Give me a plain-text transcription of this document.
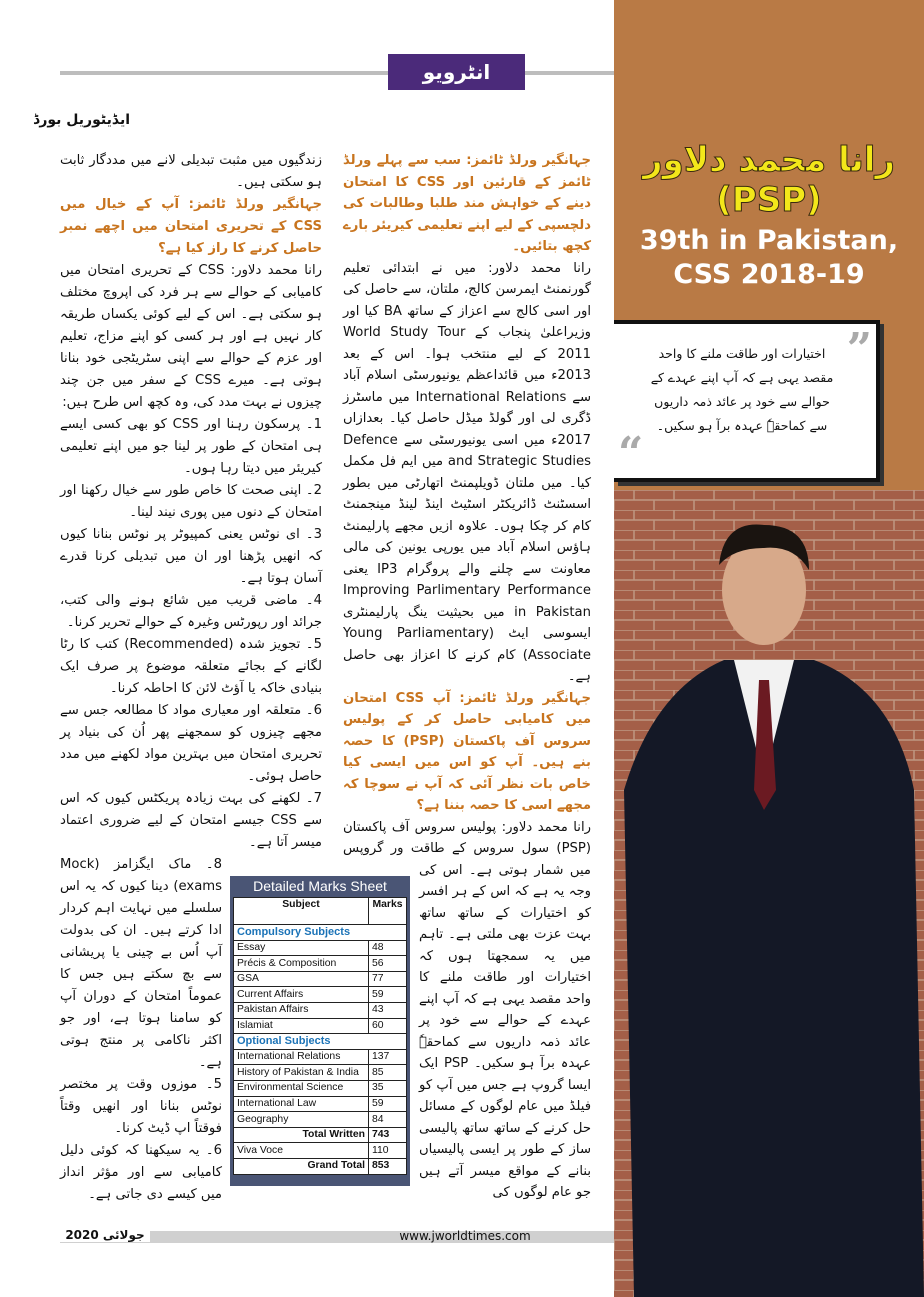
انٹرویو
ایڈیٹوریل بورڈ

جہانگیر ورلڈ ٹائمز: سب سے پہلے ورلڈ ٹائمز کے قارئین اور CSS کا امتحان دینے کے خواہش مند طلبا وطالبات کی دلچسپی کے لیے اپنے تعلیمی کیریئر بارے کچھ بتائیں۔

رانا محمد دلاور: میں نے ابتدائی تعلیم گورنمنٹ ایمرسن کالج، ملتان، سے حاصل کی اور اسی کالج سے اعزاز کے ساتھ BA کیا اور وزیراعلیٰ پنجاب کے World Study Tour 2011 کے لیے منتخب ہوا۔ اس کے بعد 2013ء میں قائداعظم یونیورسٹی اسلام آباد سے International Relations میں ماسٹرز ڈگری لی اور گولڈ میڈل حاصل کیا۔ بعدازاں 2017ء میں اسی یونیورسٹی سے Defence and Strategic Studies میں ایم فل مکمل کیا۔ میں ملتان ڈویلپمنٹ اتھارٹی میں بطور اسسٹنٹ ڈائریکٹر اسٹیٹ اینڈ لینڈ مینجمنٹ کام کر چکا ہوں۔ علاوہ ازیں مجھے پارلیمنٹ ہاؤس اسلام آباد میں یورپی یونین کی مالی معاونت سے چلنے والے پروگرام IP3 یعنی Improving Parlimentary Performance in Pakistan میں بحیثیت ینگ پارلیمنٹری ایسوسی ایٹ (Young Parliamentary Associate) کام کرنے کا اعزاز بھی حاصل ہے۔

جہانگیر ورلڈ ٹائمز: آپ CSS امتحان میں کامیابی حاصل کر کے پولیس سروس آف پاکستان (PSP) کا حصہ بنے ہیں۔ آپ کو اس میں ایسی کیا خاص بات نظر آئی کہ آپ نے سوچا کہ مجھے اسی کا حصہ بننا ہے؟

رانا محمد دلاور: پولیس سروس آف پاکستان (PSP) سول سروس کے طاقت ور گروپس میں شمار ہوتی ہے۔ اس کی وجہ یہ ہے کہ اس کے ہر افسر کو اختیارات کے ساتھ ساتھ بہت عزت بھی ملتی ہے۔ تاہم میں یہ سمجھتا ہوں کہ اختیارات اور طاقت ملنے کا واحد مقصد یہی ہے کہ آپ اپنے عہدے کے حوالے سے خود پر عائد ذمہ داریوں سے کماحقہٗ عہدہ برآ ہو سکیں۔ PSP ایک ایسا گروپ ہے جس میں آپ کو فیلڈ میں عام لوگوں کے مسائل حل کرنے کے ساتھ ساتھ پالیسی ساز کے طور پر ایسی پالیسیاں بنانے کے مواقع میسر آتے ہیں جو عام لوگوں کی

زندگیوں میں مثبت تبدیلی لانے میں مددگار ثابت ہو سکتی ہیں۔

جہانگیر ورلڈ ٹائمز: آپ کے خیال میں CSS کے تحریری امتحان میں اچھے نمبر حاصل کرنے کا راز کیا ہے؟

رانا محمد دلاور: CSS کے تحریری امتحان میں کامیابی کے حوالے سے ہر فرد کی اپروچ مختلف ہو سکتی ہے۔ اس کے لیے کوئی یکساں طریقہ کار نہیں ہے اور ہر کسی کو اپنے مزاج، تعلیم اور عزم کے حوالے سے اپنی سٹریٹجی خود بنانا ہوتی ہے۔ میرے CSS کے سفر میں جن چند چیزوں نے بہت مدد کی، وہ کچھ اس طرح ہیں:

1۔ پرسکون رہنا اور CSS کو بھی کسی ایسے ہی امتحان کے طور پر لینا جو میں اپنے تعلیمی کیریئر میں دیتا رہا ہوں۔

2۔ اپنی صحت کا خاص طور سے خیال رکھنا اور امتحان کے دنوں میں پوری نیند لینا۔

3۔ ای نوٹس یعنی کمپیوٹر پر نوٹس بنانا کیوں کہ انھیں پڑھنا اور ان میں تبدیلی کرنا قدرے آسان ہوتا ہے۔

4۔ ماضی قریب میں شائع ہونے والی کتب، جرائد اور رپورٹس وغیرہ کے حوالے تحریر کرنا۔

5۔ تجویز شدہ (Recommended) کتب کا رٹا لگانے کے بجائے متعلقہ موضوع پر صرف ایک بنیادی خاکہ یا آؤٹ لائن کا احاطہ کرنا۔

6۔ متعلقہ اور معیاری مواد کا مطالعہ جس سے مجھے چیزوں کو سمجھنے پھر اُن کی بنیاد پر تحریری امتحان میں بہترین مواد لکھنے میں مدد حاصل ہوئی۔

7۔ لکھنے کی بہت زیادہ پریکٹس کیوں کہ اس سے CSS جیسے امتحان کے لیے ضروری اعتماد میسر آتا ہے۔

8۔ ماک ایگزامز (Mock exams) دینا کیوں کہ یہ اس سلسلے میں نہایت اہم کردار ادا کرتے ہیں۔ ان کی بدولت آپ اُس بے چینی یا پریشانی سے بچ سکتے ہیں جس کا عموماً امتحان کے دوران آپ کو سامنا ہوتا ہے، اور جو اکثر ناکامی پر منتج ہوتی ہے۔

5۔ موزوں وقت پر مختصر نوٹس بنانا اور انھیں وقتاً فوقتاً اپ ڈیٹ کرنا۔

6۔ یہ سیکھنا کہ کوئی دلیل کامیابی سے اور مؤثر انداز میں کیسے دی جاتی ہے۔

Detailed Marks Sheet
Subject	Marks
Compulsory Subjects	
Essay	48
Précis & Composition	56
GSA	77
Current Affairs	59
Pakistan Affairs	43
Islamiat	60
Optional Subjects	
International Relations	137
History of Pakistan & India	85
Environmental Science	35
International Law	59
Geography	84
Total Written	743
Viva Voce	110
Grand Total	853
رانا محمد دلاور (PSP)
39th in Pakistan,
CSS 2018-19
”
اختیارات اور طاقت ملنے کا واحد مقصد یہی ہے کہ آپ اپنے عہدے کے حوالے سے خود پر عائد ذمہ داریوں سے کماحقہٗ عہدہ برآ ہو سکیں۔
“
جولائی 2020	www.jworldtimes.com
